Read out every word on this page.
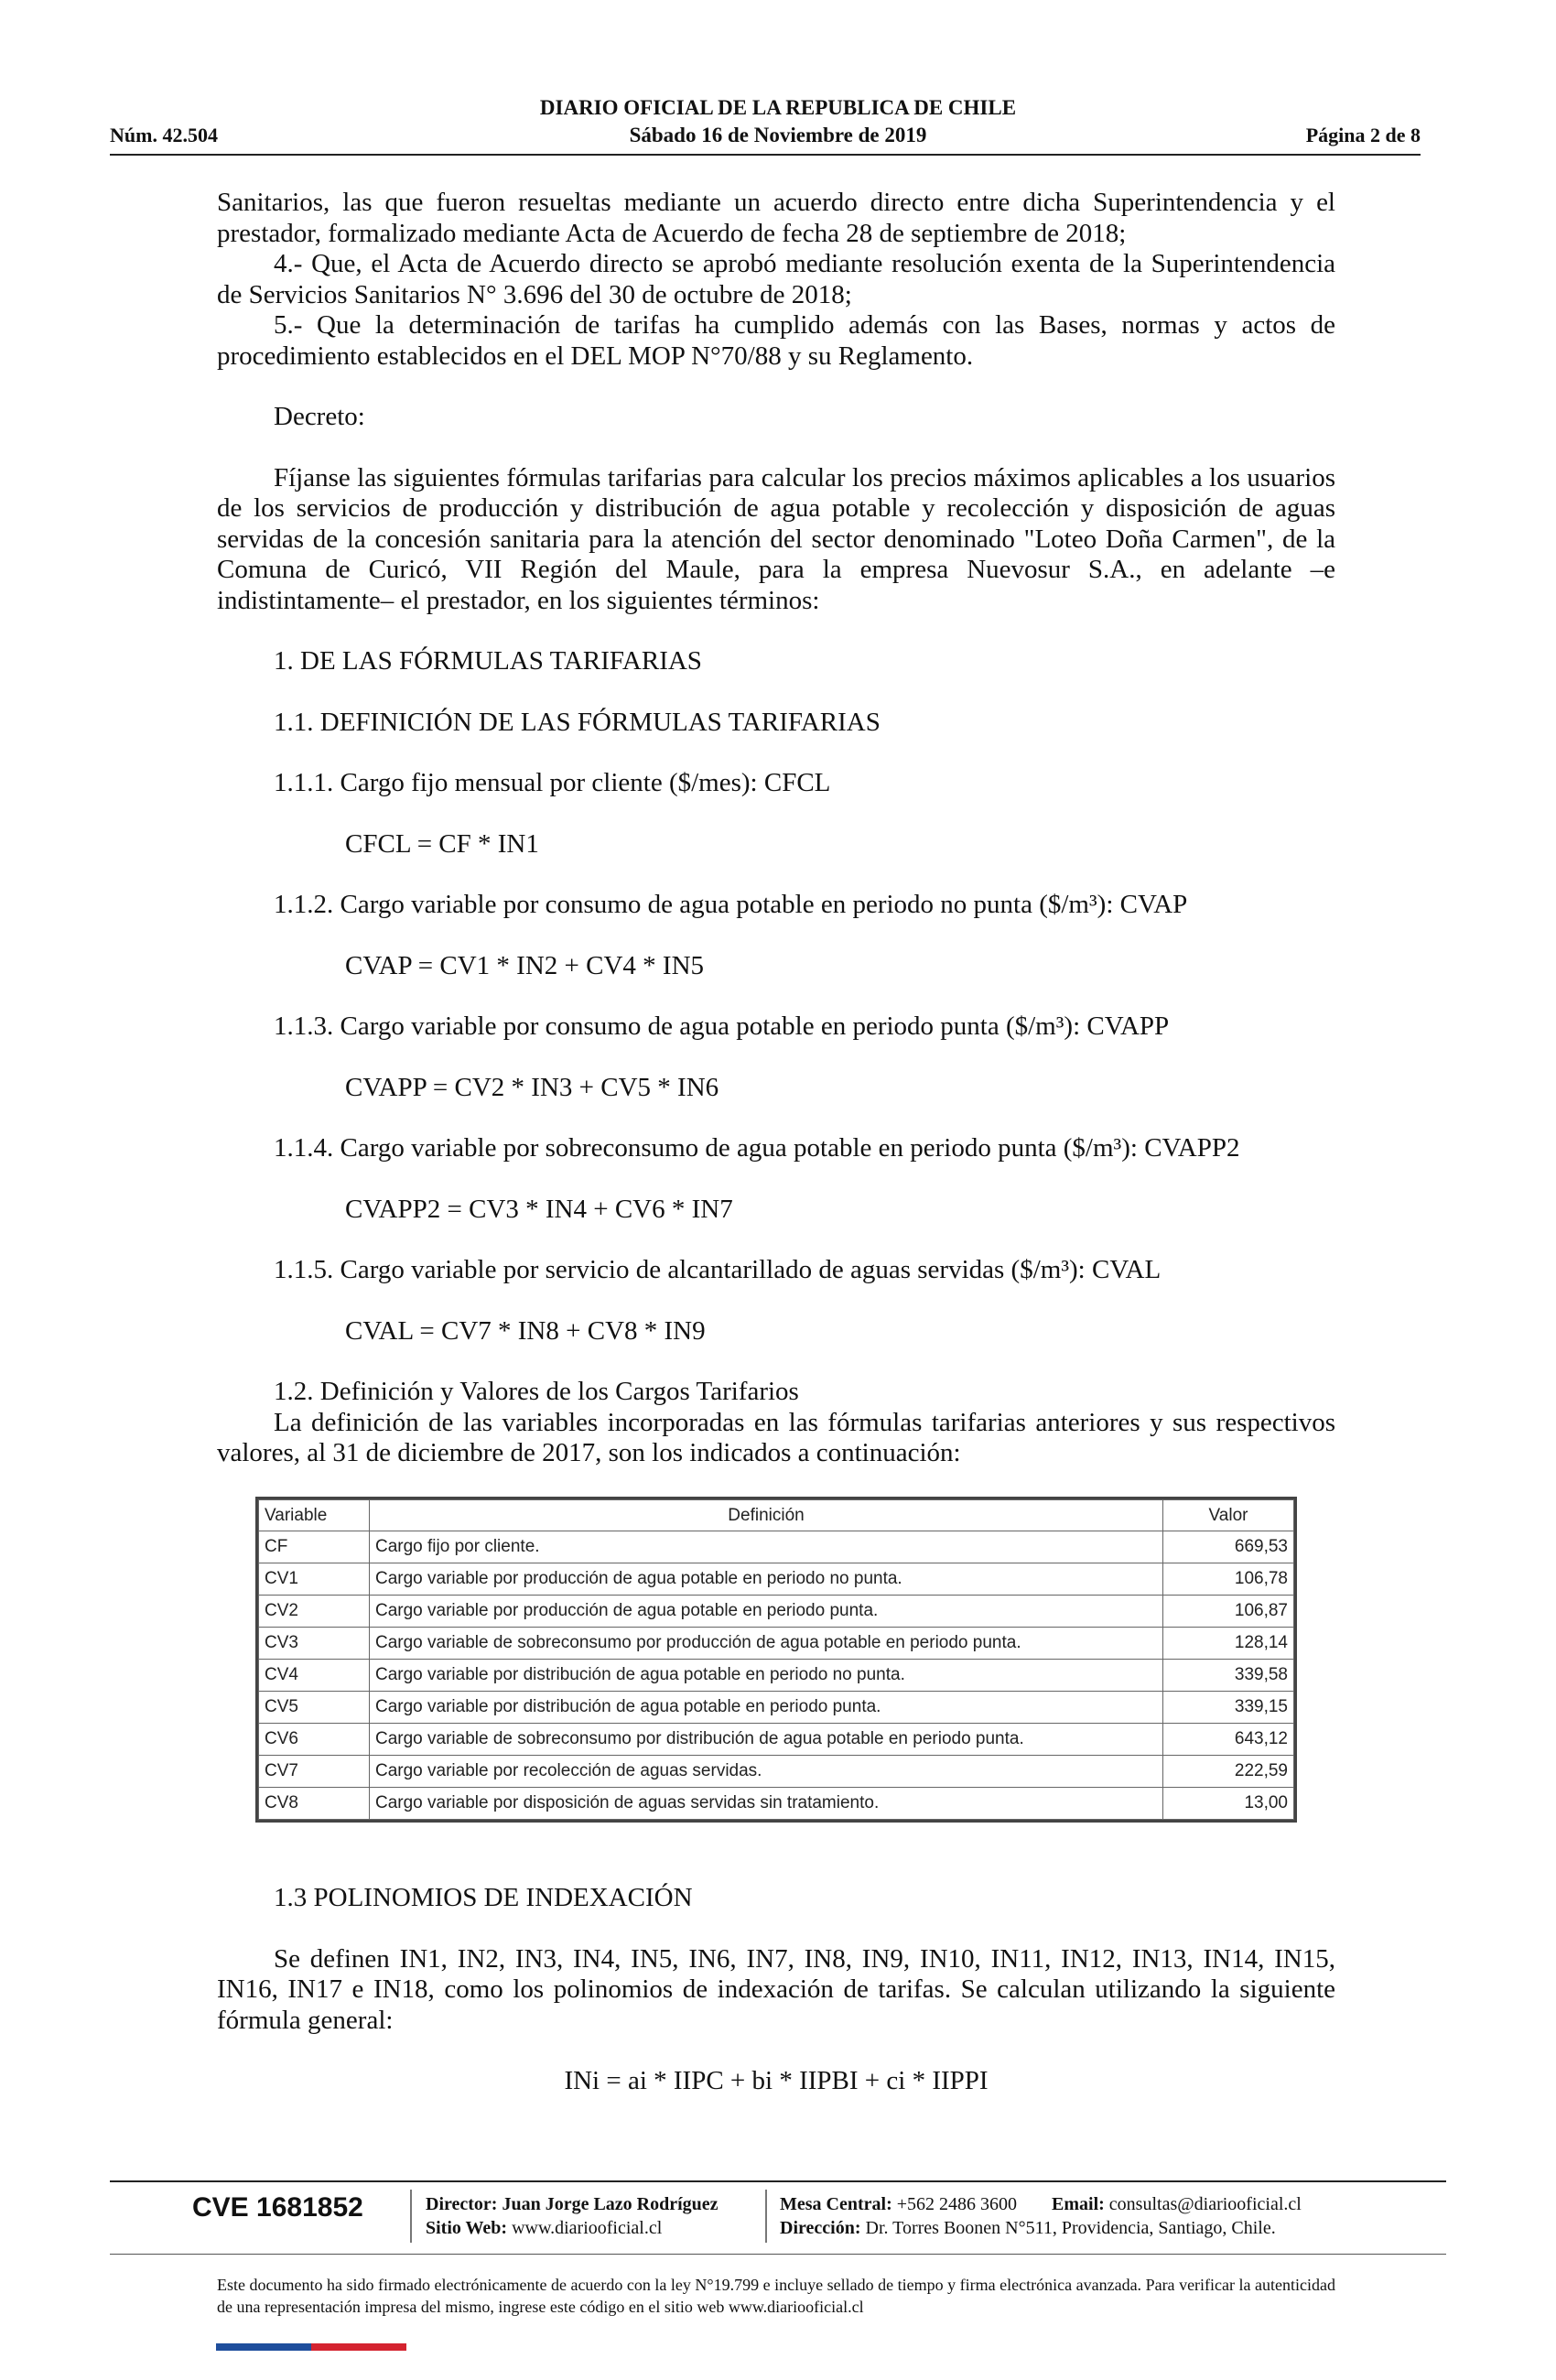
DIARIO OFICIAL DE LA REPUBLICA DE CHILE
Sábado 16 de Noviembre de 2019
Núm. 42.504	Página 2 de 8

Sanitarios, las que fueron resueltas mediante un acuerdo directo entre dicha Superintendencia y el prestador, formalizado mediante Acta de Acuerdo de fecha 28 de septiembre de 2018;

4.- Que, el Acta de Acuerdo directo se aprobó mediante resolución exenta de la Superintendencia de Servicios Sanitarios N° 3.696 del 30 de octubre de 2018;

5.- Que la determinación de tarifas ha cumplido además con las Bases, normas y actos de procedimiento establecidos en el DEL MOP N°70/88 y su Reglamento.

Decreto:

Fíjanse las siguientes fórmulas tarifarias para calcular los precios máximos aplicables a los usuarios de los servicios de producción y distribución de agua potable y recolección y disposición de aguas servidas de la concesión sanitaria para la atención del sector denominado "Loteo Doña Carmen", de la Comuna de Curicó, VII Región del Maule, para la empresa Nuevosur S.A., en adelante –e indistintamente– el prestador, en los siguientes términos:

1. DE LAS FÓRMULAS TARIFARIAS

1.1. DEFINICIÓN DE LAS FÓRMULAS TARIFARIAS

1.1.1. Cargo fijo mensual por cliente ($/mes): CFCL

CFCL = CF * IN1

1.1.2. Cargo variable por consumo de agua potable en periodo no punta ($/m³): CVAP

CVAP = CV1 * IN2 + CV4 * IN5

1.1.3. Cargo variable por consumo de agua potable en periodo punta ($/m³): CVAPP

CVAPP = CV2 * IN3 + CV5 * IN6

1.1.4. Cargo variable por sobreconsumo de agua potable en periodo punta ($/m³): CVAPP2

CVAPP2 = CV3 * IN4 + CV6 * IN7

1.1.5. Cargo variable por servicio de alcantarillado de aguas servidas ($/m³): CVAL

CVAL = CV7 * IN8 + CV8 * IN9

1.2. Definición y Valores de los Cargos Tarifarios

La definición de las variables incorporadas en las fórmulas tarifarias anteriores y sus respectivos valores, al 31 de diciembre de 2017, son los indicados a continuación:

Variable	Definición	Valor
CF	Cargo fijo por cliente.	669,53
CV1	Cargo variable por producción de agua potable en periodo no punta.	106,78
CV2	Cargo variable por producción de agua potable en periodo punta.	106,87
CV3	Cargo variable de sobreconsumo por producción de agua potable en periodo punta.	128,14
CV4	Cargo variable por distribución de agua potable en periodo no punta.	339,58
CV5	Cargo variable por distribución de agua potable en periodo punta.	339,15
CV6	Cargo variable de sobreconsumo por distribución de agua potable en periodo punta.	643,12
CV7	Cargo variable por recolección de aguas servidas.	222,59
CV8	Cargo variable por disposición de aguas servidas sin tratamiento.	13,00

1.3 POLINOMIOS DE INDEXACIÓN

Se definen IN1, IN2, IN3, IN4, IN5, IN6, IN7, IN8, IN9, IN10, IN11, IN12, IN13, IN14, IN15, IN16, IN17 e IN18, como los polinomios de indexación de tarifas. Se calculan utilizando la siguiente fórmula general:

INi = ai * IIPC + bi * IIPBI + ci * IIPPI

CVE 1681852	Director: Juan Jorge Lazo Rodríguez
Sitio Web: www.diariooficial.cl
Mesa Central: +562 2486 3600 Email: consultas@diariooficial.cl
Dirección: Dr. Torres Boonen N°511, Providencia, Santiago, Chile.
Este documento ha sido firmado electrónicamente de acuerdo con la ley N°19.799 e incluye sellado de tiempo y firma electrónica avanzada. Para verificar la autenticidad de una representación impresa del mismo, ingrese este código en el sitio web www.diariooficial.cl
